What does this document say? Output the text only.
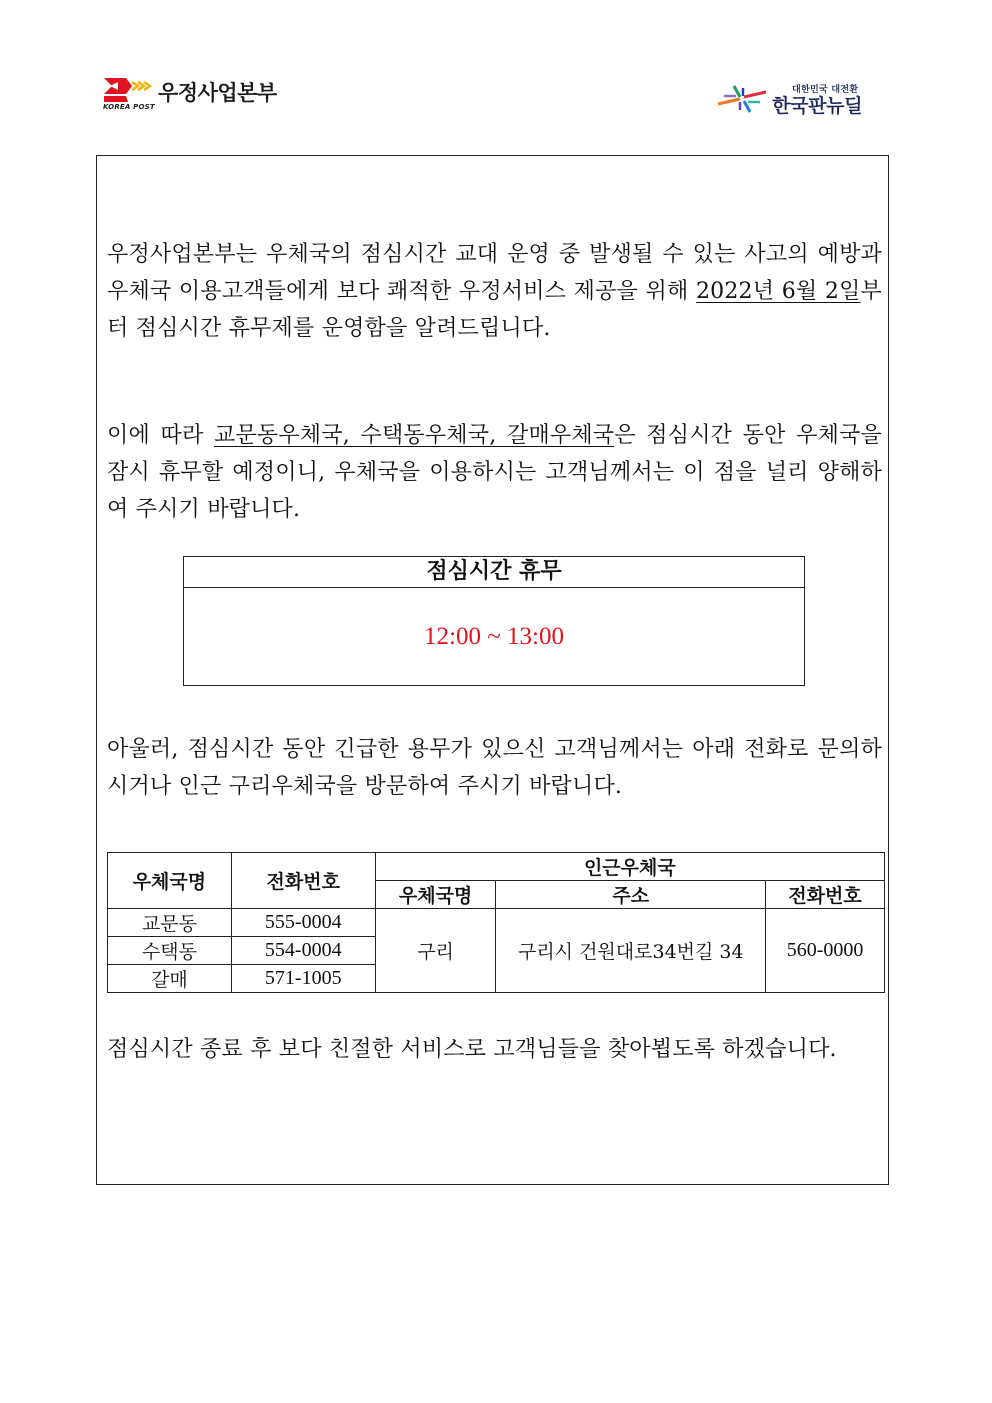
KOREA POST
우정사업본부	대한민국 대전환
한국판뉴딜
우정사업본부는 우체국의 점심시간 교대 운영 중 발생될 수 있는 사고의 예방과 우체국 이용고객들에게 보다 쾌적한 우정서비스 제공을 위해 2022년 6월 2일부터 점심시간 휴무제를 운영함을 알려드립니다.
이에 따라 교문동우체국, 수택동우체국, 갈매우체국은 점심시간 동안 우체국을 잠시 휴무할 예정이니, 우체국을 이용하시는 고객님께서는 이 점을 널리 양해하여 주시기 바랍니다.
점심시간 휴무
12:00 ~ 13:00
아울러, 점심시간 동안 긴급한 용무가 있으신 고객님께서는 아래 전화로 문의하시거나 인근 구리우체국을 방문하여 주시기 바랍니다.
우체국명	전화번호	인근우체국		
		우체국명	주소	전화번호
교문동	555-0004	구리	구리시 건원대로34번길 34	560-0000
수택동	554-0004			
갈매	571-1005			
점심시간 종료 후 보다 친절한 서비스로 고객님들을 찾아뵙도록 하겠습니다.
